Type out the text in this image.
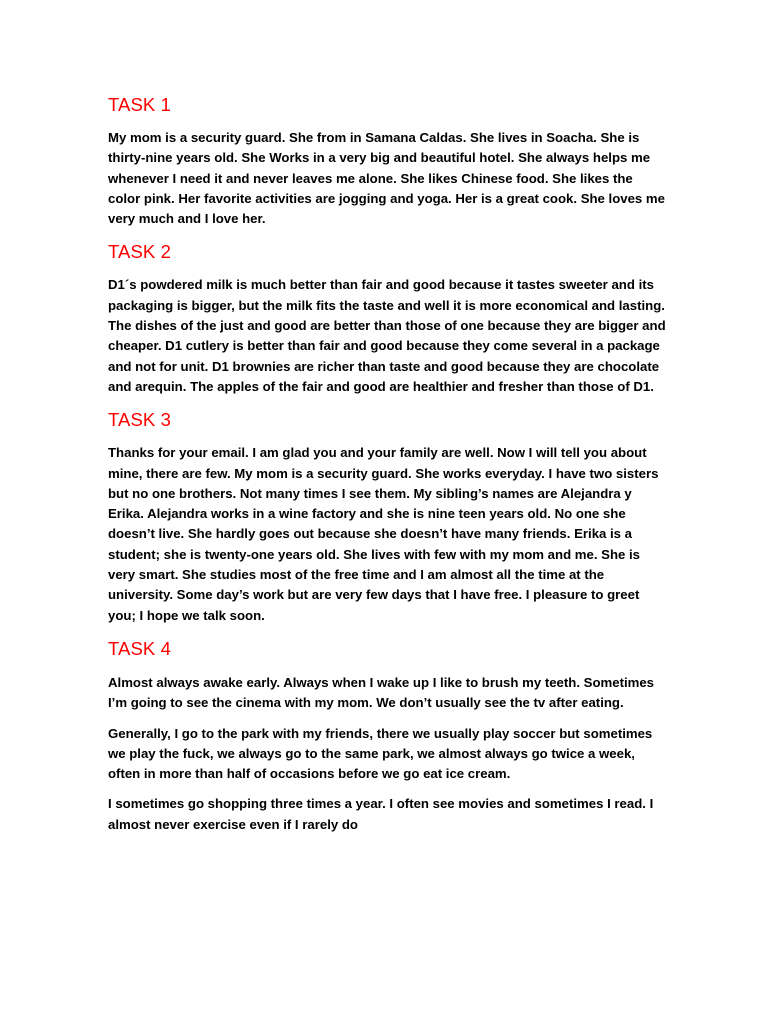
TASK 1

My mom is a security guard. She from in Samana Caldas. She lives in Soacha. She is
thirty-nine years old. She Works in a very big and beautiful hotel. She always helps me
whenever I need it and never leaves me alone. She likes Chinese food. She likes the
color pink. Her favorite activities are jogging and yoga. Her is a great cook. She loves me
very much and I love her.

TASK 2

D1´s powdered milk is much better than fair and good because it tastes sweeter and its
packaging is bigger, but the milk fits the taste and well it is more economical and lasting.
The dishes of the just and good are better than those of one because they are bigger and
cheaper. D1 cutlery is better than fair and good because they come several in a package
and not for unit. D1 brownies are richer than taste and good because they are chocolate
and arequin. The apples of the fair and good are healthier and fresher than those of D1.

TASK 3

Thanks for your email. I am glad you and your family are well. Now I will tell you about
mine, there are few. My mom is a security guard. She works everyday. I have two sisters
but no one brothers. Not many times I see them. My sibling’s names are Alejandra y
Erika. Alejandra works in a wine factory and she is nine teen years old. No one she
doesn’t live. She hardly goes out because she doesn’t have many friends. Erika is a
student; she is twenty-one years old. She lives with few with my mom and me. She is
very smart. She studies most of the free time and I am almost all the time at the
university. Some day’s work but are very few days that I have free. I pleasure to greet
you; I hope we talk soon.

TASK 4

Almost always awake early. Always when I wake up I like to brush my teeth. Sometimes
I’m going to see the cinema with my mom. We don’t usually see the tv after eating.

Generally, I go to the park with my friends, there we usually play soccer but sometimes
we play the fuck, we always go to the same park, we almost always go twice a week,
often in more than half of occasions before we go eat ice cream.

I sometimes go shopping three times a year. I often see movies and sometimes I read. I
almost never exercise even if I rarely do
